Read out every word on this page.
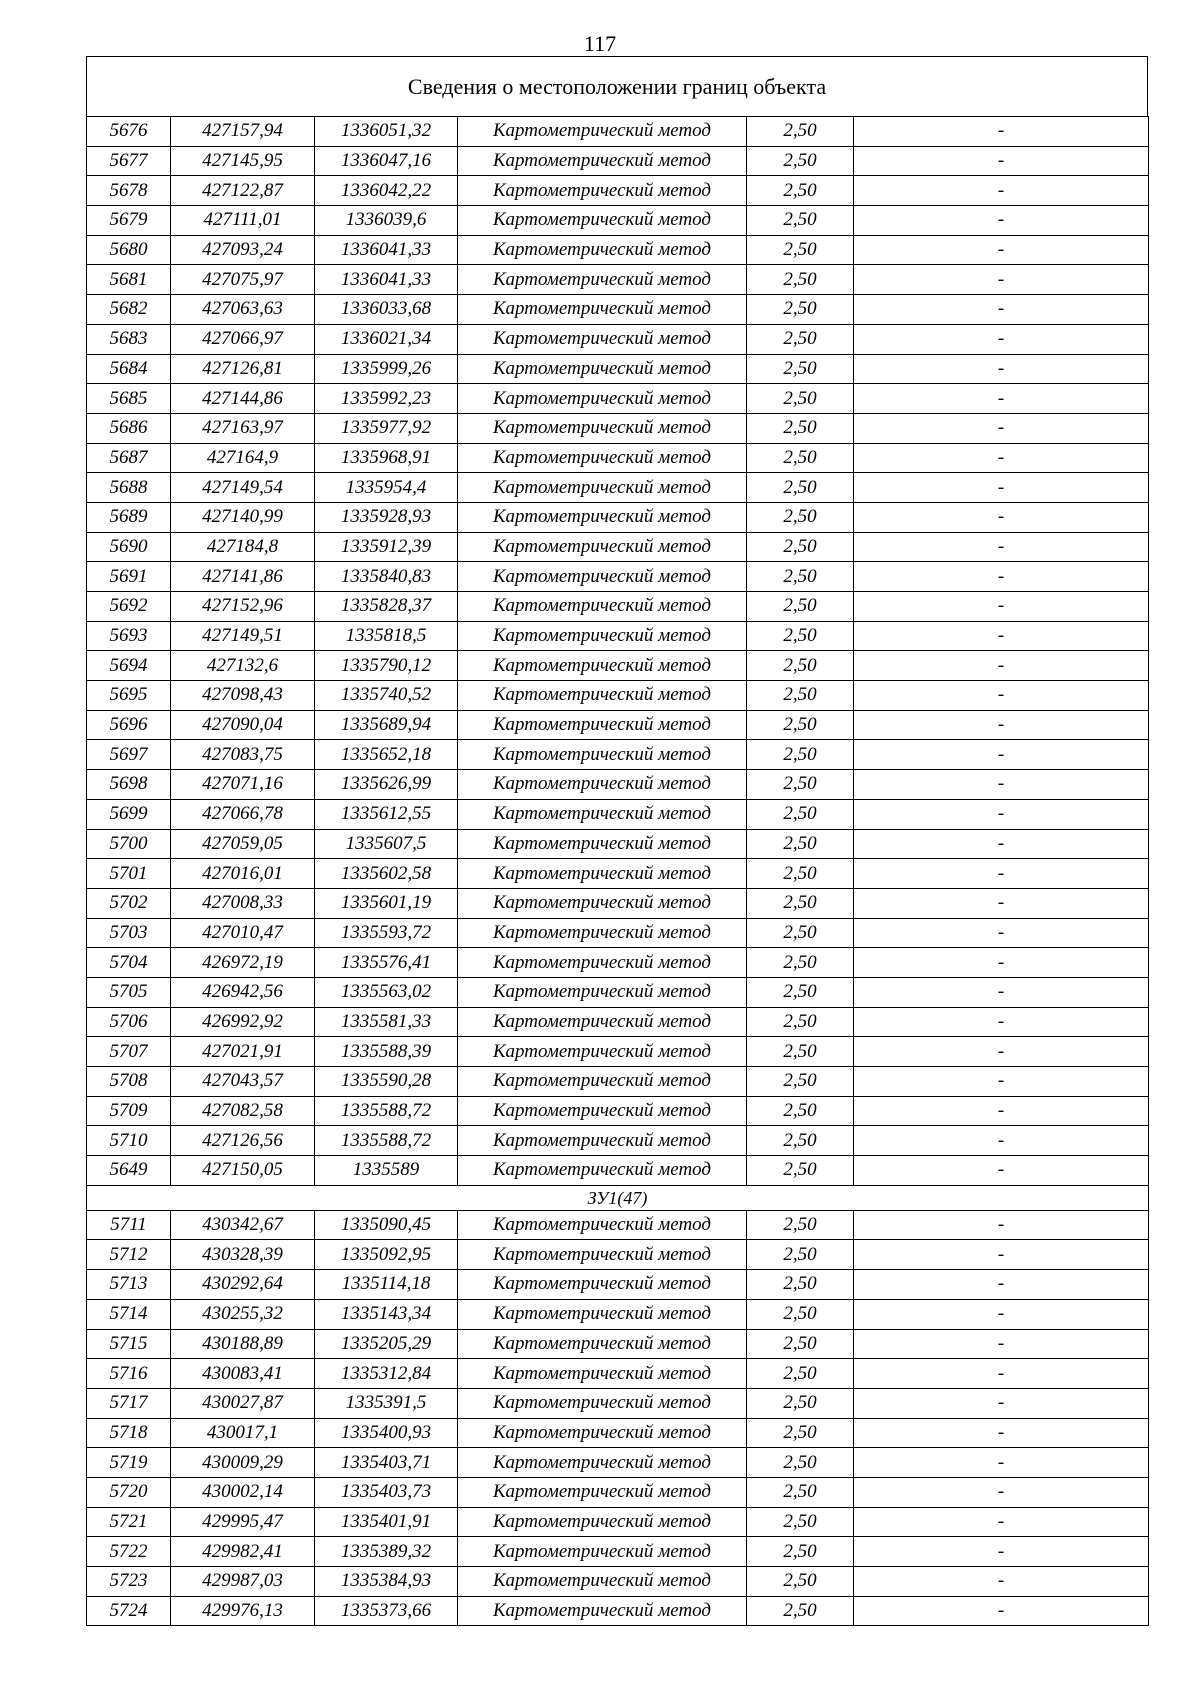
117
Сведения о местоположении границ объекта
5676	427157,94	1336051,32	Картометрический метод	2,50	-
5677	427145,95	1336047,16	Картометрический метод	2,50	-
5678	427122,87	1336042,22	Картометрический метод	2,50	-
5679	427111,01	1336039,6	Картометрический метод	2,50	-
5680	427093,24	1336041,33	Картометрический метод	2,50	-
5681	427075,97	1336041,33	Картометрический метод	2,50	-
5682	427063,63	1336033,68	Картометрический метод	2,50	-
5683	427066,97	1336021,34	Картометрический метод	2,50	-
5684	427126,81	1335999,26	Картометрический метод	2,50	-
5685	427144,86	1335992,23	Картометрический метод	2,50	-
5686	427163,97	1335977,92	Картометрический метод	2,50	-
5687	427164,9	1335968,91	Картометрический метод	2,50	-
5688	427149,54	1335954,4	Картометрический метод	2,50	-
5689	427140,99	1335928,93	Картометрический метод	2,50	-
5690	427184,8	1335912,39	Картометрический метод	2,50	-
5691	427141,86	1335840,83	Картометрический метод	2,50	-
5692	427152,96	1335828,37	Картометрический метод	2,50	-
5693	427149,51	1335818,5	Картометрический метод	2,50	-
5694	427132,6	1335790,12	Картометрический метод	2,50	-
5695	427098,43	1335740,52	Картометрический метод	2,50	-
5696	427090,04	1335689,94	Картометрический метод	2,50	-
5697	427083,75	1335652,18	Картометрический метод	2,50	-
5698	427071,16	1335626,99	Картометрический метод	2,50	-
5699	427066,78	1335612,55	Картометрический метод	2,50	-
5700	427059,05	1335607,5	Картометрический метод	2,50	-
5701	427016,01	1335602,58	Картометрический метод	2,50	-
5702	427008,33	1335601,19	Картометрический метод	2,50	-
5703	427010,47	1335593,72	Картометрический метод	2,50	-
5704	426972,19	1335576,41	Картометрический метод	2,50	-
5705	426942,56	1335563,02	Картометрический метод	2,50	-
5706	426992,92	1335581,33	Картометрический метод	2,50	-
5707	427021,91	1335588,39	Картометрический метод	2,50	-
5708	427043,57	1335590,28	Картометрический метод	2,50	-
5709	427082,58	1335588,72	Картометрический метод	2,50	-
5710	427126,56	1335588,72	Картометрический метод	2,50	-
5649	427150,05	1335589	Картометрический метод	2,50	-
ЗУ1(47)					
5711	430342,67	1335090,45	Картометрический метод	2,50	-
5712	430328,39	1335092,95	Картометрический метод	2,50	-
5713	430292,64	1335114,18	Картометрический метод	2,50	-
5714	430255,32	1335143,34	Картометрический метод	2,50	-
5715	430188,89	1335205,29	Картометрический метод	2,50	-
5716	430083,41	1335312,84	Картометрический метод	2,50	-
5717	430027,87	1335391,5	Картометрический метод	2,50	-
5718	430017,1	1335400,93	Картометрический метод	2,50	-
5719	430009,29	1335403,71	Картометрический метод	2,50	-
5720	430002,14	1335403,73	Картометрический метод	2,50	-
5721	429995,47	1335401,91	Картометрический метод	2,50	-
5722	429982,41	1335389,32	Картометрический метод	2,50	-
5723	429987,03	1335384,93	Картометрический метод	2,50	-
5724	429976,13	1335373,66	Картометрический метод	2,50	-
